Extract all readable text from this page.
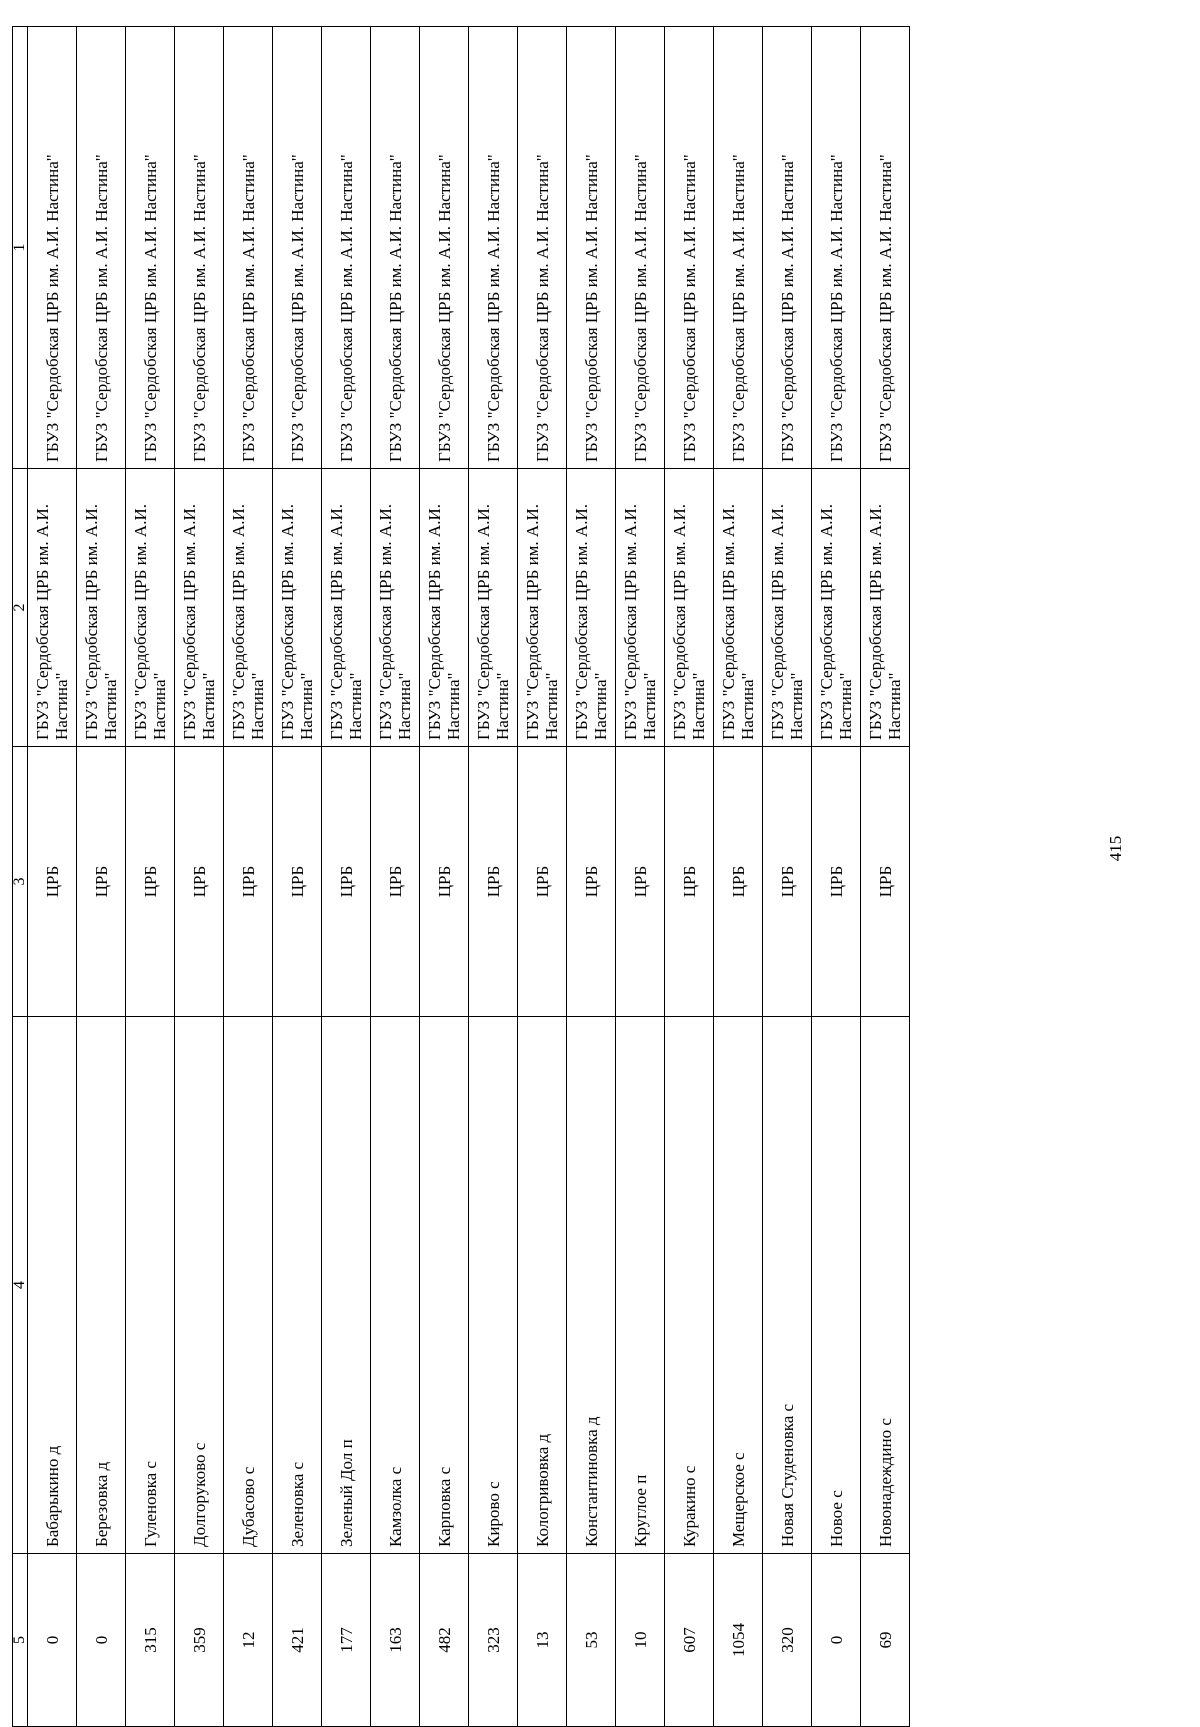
415
5	4	3	2	1
0	Бабарыкино д	ЦРБ	ГБУЗ "Сердобская ЦРБ им. А.И. Настина"	ГБУЗ "Сердобская ЦРБ им. А.И. Настина"
0	Березовка д	ЦРБ	ГБУЗ "Сердобская ЦРБ им. А.И. Настина"	ГБУЗ "Сердобская ЦРБ им. А.И. Настина"
315	Гуленовка с	ЦРБ	ГБУЗ "Сердобская ЦРБ им. А.И. Настина"	ГБУЗ "Сердобская ЦРБ им. А.И. Настина"
359	Долгоруково с	ЦРБ	ГБУЗ "Сердобская ЦРБ им. А.И. Настина"	ГБУЗ "Сердобская ЦРБ им. А.И. Настина"
12	Дубасово с	ЦРБ	ГБУЗ "Сердобская ЦРБ им. А.И. Настина"	ГБУЗ "Сердобская ЦРБ им. А.И. Настина"
421	Зеленовка с	ЦРБ	ГБУЗ "Сердобская ЦРБ им. А.И. Настина"	ГБУЗ "Сердобская ЦРБ им. А.И. Настина"
177	Зеленый Дол п	ЦРБ	ГБУЗ "Сердобская ЦРБ им. А.И. Настина"	ГБУЗ "Сердобская ЦРБ им. А.И. Настина"
163	Камзолка с	ЦРБ	ГБУЗ "Сердобская ЦРБ им. А.И. Настина"	ГБУЗ "Сердобская ЦРБ им. А.И. Настина"
482	Карповка с	ЦРБ	ГБУЗ "Сердобская ЦРБ им. А.И. Настина"	ГБУЗ "Сердобская ЦРБ им. А.И. Настина"
323	Кирово с	ЦРБ	ГБУЗ "Сердобская ЦРБ им. А.И. Настина"	ГБУЗ "Сердобская ЦРБ им. А.И. Настина"
13	Кологривовка д	ЦРБ	ГБУЗ "Сердобская ЦРБ им. А.И. Настина"	ГБУЗ "Сердобская ЦРБ им. А.И. Настина"
53	Константиновка д	ЦРБ	ГБУЗ "Сердобская ЦРБ им. А.И. Настина"	ГБУЗ "Сердобская ЦРБ им. А.И. Настина"
10	Круглое п	ЦРБ	ГБУЗ "Сердобская ЦРБ им. А.И. Настина"	ГБУЗ "Сердобская ЦРБ им. А.И. Настина"
607	Куракино с	ЦРБ	ГБУЗ "Сердобская ЦРБ им. А.И. Настина"	ГБУЗ "Сердобская ЦРБ им. А.И. Настина"
1054	Мещерское с	ЦРБ	ГБУЗ "Сердобская ЦРБ им. А.И. Настина"	ГБУЗ "Сердобская ЦРБ им. А.И. Настина"
320	Новая Студеновка с	ЦРБ	ГБУЗ "Сердобская ЦРБ им. А.И. Настина"	ГБУЗ "Сердобская ЦРБ им. А.И. Настина"
0	Новое с	ЦРБ	ГБУЗ "Сердобская ЦРБ им. А.И. Настина"	ГБУЗ "Сердобская ЦРБ им. А.И. Настина"
69	Новонадеждино с	ЦРБ	ГБУЗ "Сердобская ЦРБ им. А.И. Настина"	ГБУЗ "Сердобская ЦРБ им. А.И. Настина"
